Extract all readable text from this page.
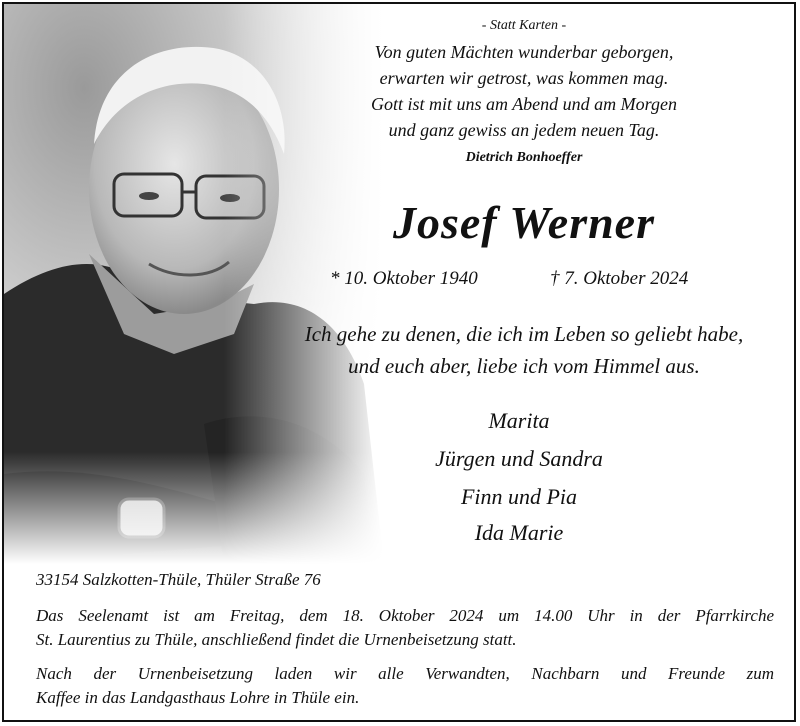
- Statt Karten -
Von guten Mächten wunderbar geborgen,
erwarten wir getrost, was kommen mag.
Gott ist mit uns am Abend und am Morgen
und ganz gewiss an jedem neuen Tag.
Dietrich Bonhoeffer
Josef Werner
* 10. Oktober 1940	† 7. Oktober 2024
Ich gehe zu denen, die ich im Leben so geliebt habe,
und euch aber, liebe ich vom Himmel aus.
Marita
Jürgen und Sandra
Finn und Pia
Ida Marie
33154 Salzkotten-Thüle, Thüler Straße 76
Das Seelenamt ist am Freitag, dem 18. Oktober 2024 um 14.00 Uhr in der Pfarrkirche
St. Laurentius zu Thüle, anschließend findet die Urnenbeisetzung statt.
Nach der Urnenbeisetzung laden wir alle Verwandten, Nachbarn und Freunde zum
Kaffee in das Landgasthaus Lohre in Thüle ein.
